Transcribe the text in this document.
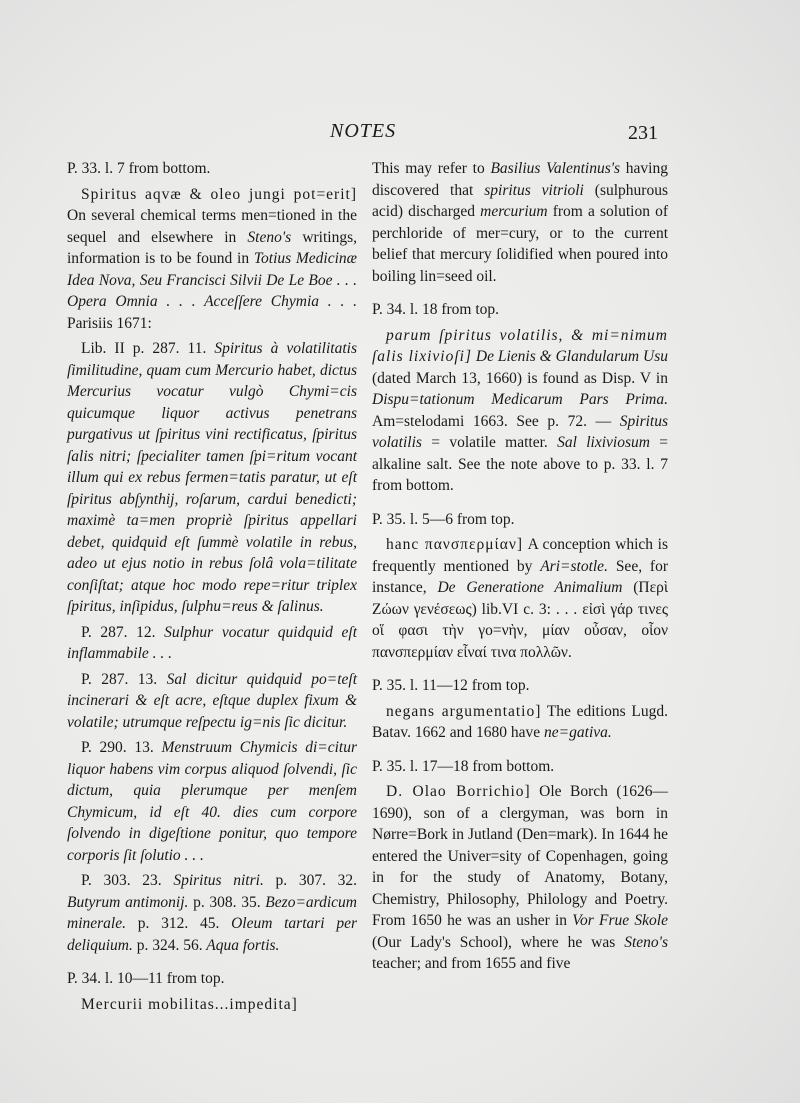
NOTES	231

P. 33. l. 7 from bottom.

Spiritus aqvæ & oleo jungi pot=erit] On several chemical terms men=tioned in the sequel and elsewhere in Steno's writings, information is to be found in Totius Medicinæ Idea Nova, Seu Francisci Silvii De Le Boe . . . Opera Omnia . . . Acceſſere Chymia . . . Parisiis 1671:

Lib. II p. 287. 11. Spiritus à volatilitatis ſimilitudine, quam cum Mercurio habet, dictus Mercurius vocatur vulgò Chymi=cis quicumque liquor activus penetrans purgativus ut ſpiritus vini rectificatus, ſpiritus ſalis nitri; ſpecialiter tamen ſpi=ritum vocant illum qui ex rebus fermen=tatis paratur, ut eſt ſpiritus abſynthij, roſarum, cardui benedicti; maximè ta=men propriè ſpiritus appellari debet, quidquid eſt ſummè volatile in rebus, adeo ut ejus notio in rebus ſolâ vola=tilitate conſiſtat; atque hoc modo repe=ritur triplex ſpiritus, inſipidus, ſulphu=reus & ſalinus.

P. 287. 12. Sulphur vocatur quidquid eſt inflammabile . . .

P. 287. 13. Sal dicitur quidquid po=teſt incinerari & eſt acre, eſtque duplex fixum & volatile; utrumque reſpectu ig=nis ſic dicitur.

P. 290. 13. Menstruum Chymicis di=citur liquor habens vim corpus aliquod ſolvendi, ſic dictum, quia plerumque per menſem Chymicum, id eſt 40. dies cum corpore ſolvendo in digeſtione ponitur, quo tempore corporis ſit ſolutio . . .

P. 303. 23. Spiritus nitri. p. 307. 32. Butyrum antimonij. p. 308. 35. Bezo=ardicum minerale. p. 312. 45. Oleum tartari per deliquium. p. 324. 56. Aqua fortis.

P. 34. l. 10—11 from top.

Mercurii mobilitas...impedita]

This may refer to Basilius Valentinus's having discovered that spiritus vitrioli (sulphurous acid) discharged mercurium from a solution of perchloride of mer=cury, or to the current belief that mercury ſolidified when poured into boiling lin=seed oil.

P. 34. l. 18 from top.

parum ſpiritus volatilis, & mi=nimum ſalis lixivioſi] De Lienis & Glandularum Usu (dated March 13, 1660) is found as Disp. V in Dispu=tationum Medicarum Pars Prima. Am=stelodami 1663. See p. 72. — Spiritus volatilis = volatile matter. Sal lixiviosum = alkaline salt. See the note above to p. 33. l. 7 from bottom.

P. 35. l. 5—6 from top.

hanc πανσπερμίαν] A conception which is frequently mentioned by Ari=stotle. See, for instance, De Generatione Animalium (Περὶ Ζώων γενέσεως) lib.VI c. 3: . . . εἰσὶ γάρ τινες οἵ φασι τὴν γο=νὴν, μίαν οὖσαν, οἷον πανσπερμίαν εἶναί τινα πολλῶν.

P. 35. l. 11—12 from top.

negans argumentatio] The editions Lugd. Batav. 1662 and 1680 have ne=gativa.

P. 35. l. 17—18 from bottom.

D. Olao Borrichio] Ole Borch (1626—1690), son of a clergyman, was born in Nørre=Bork in Jutland (Den=mark). In 1644 he entered the Univer=sity of Copenhagen, going in for the study of Anatomy, Botany, Chemistry, Philosophy, Philology and Poetry. From 1650 he was an usher in Vor Frue Skole (Our Lady's School), where he was Steno's teacher; and from 1655 and five
